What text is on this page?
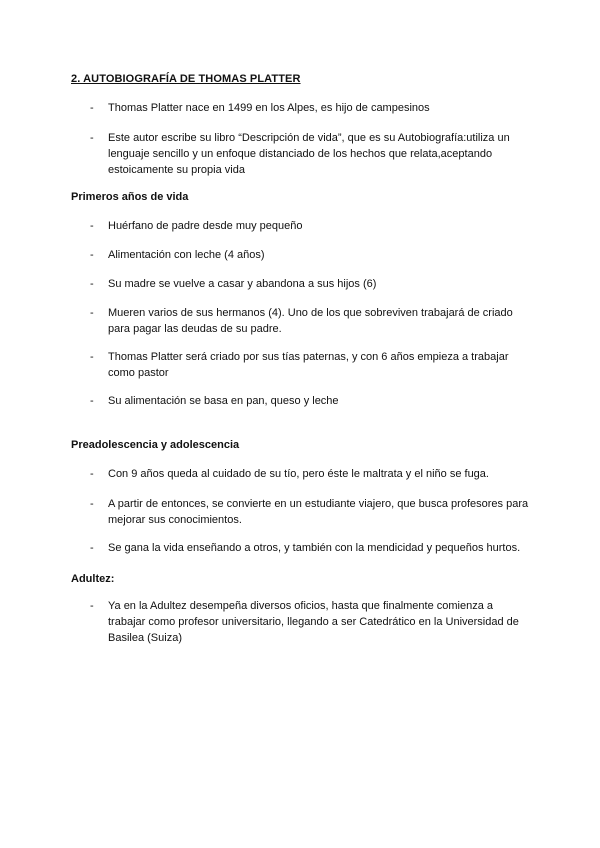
2. AUTOBIOGRAFÍA DE THOMAS PLATTER
-	Thomas Platter nace en 1499 en los Alpes, es hijo de campesinos
-	Este autor escribe su libro “Descripción de vida”, que es su Autobiografía:utiliza un lenguaje sencillo y un enfoque distanciado de los hechos que relata,aceptando estoicamente su propia vida
Primeros años de vida
-	Huérfano de padre desde muy pequeño
-	Alimentación con leche (4 años)
-	Su madre se vuelve a casar y abandona a sus hijos (6)
-	Mueren varios de sus hermanos (4). Uno de los que sobreviven trabajará de criado para pagar las deudas de su padre.
-	Thomas Platter será criado por sus tías paternas, y con 6 años empieza a trabajar como pastor
-	Su alimentación se basa en pan, queso y leche
Preadolescencia y adolescencia
-	Con 9 años queda al cuidado de su tío, pero éste le maltrata y el niño se fuga.
-	A partir de entonces, se convierte en un estudiante viajero, que busca profesores para mejorar sus conocimientos.
-	Se gana la vida enseñando a otros, y también con la mendicidad y pequeños hurtos.
Adultez:
-	Ya en la Adultez desempeña diversos oficios, hasta que finalmente comienza a trabajar como profesor universitario, llegando a ser Catedrático en la Universidad de Basilea (Suiza)
